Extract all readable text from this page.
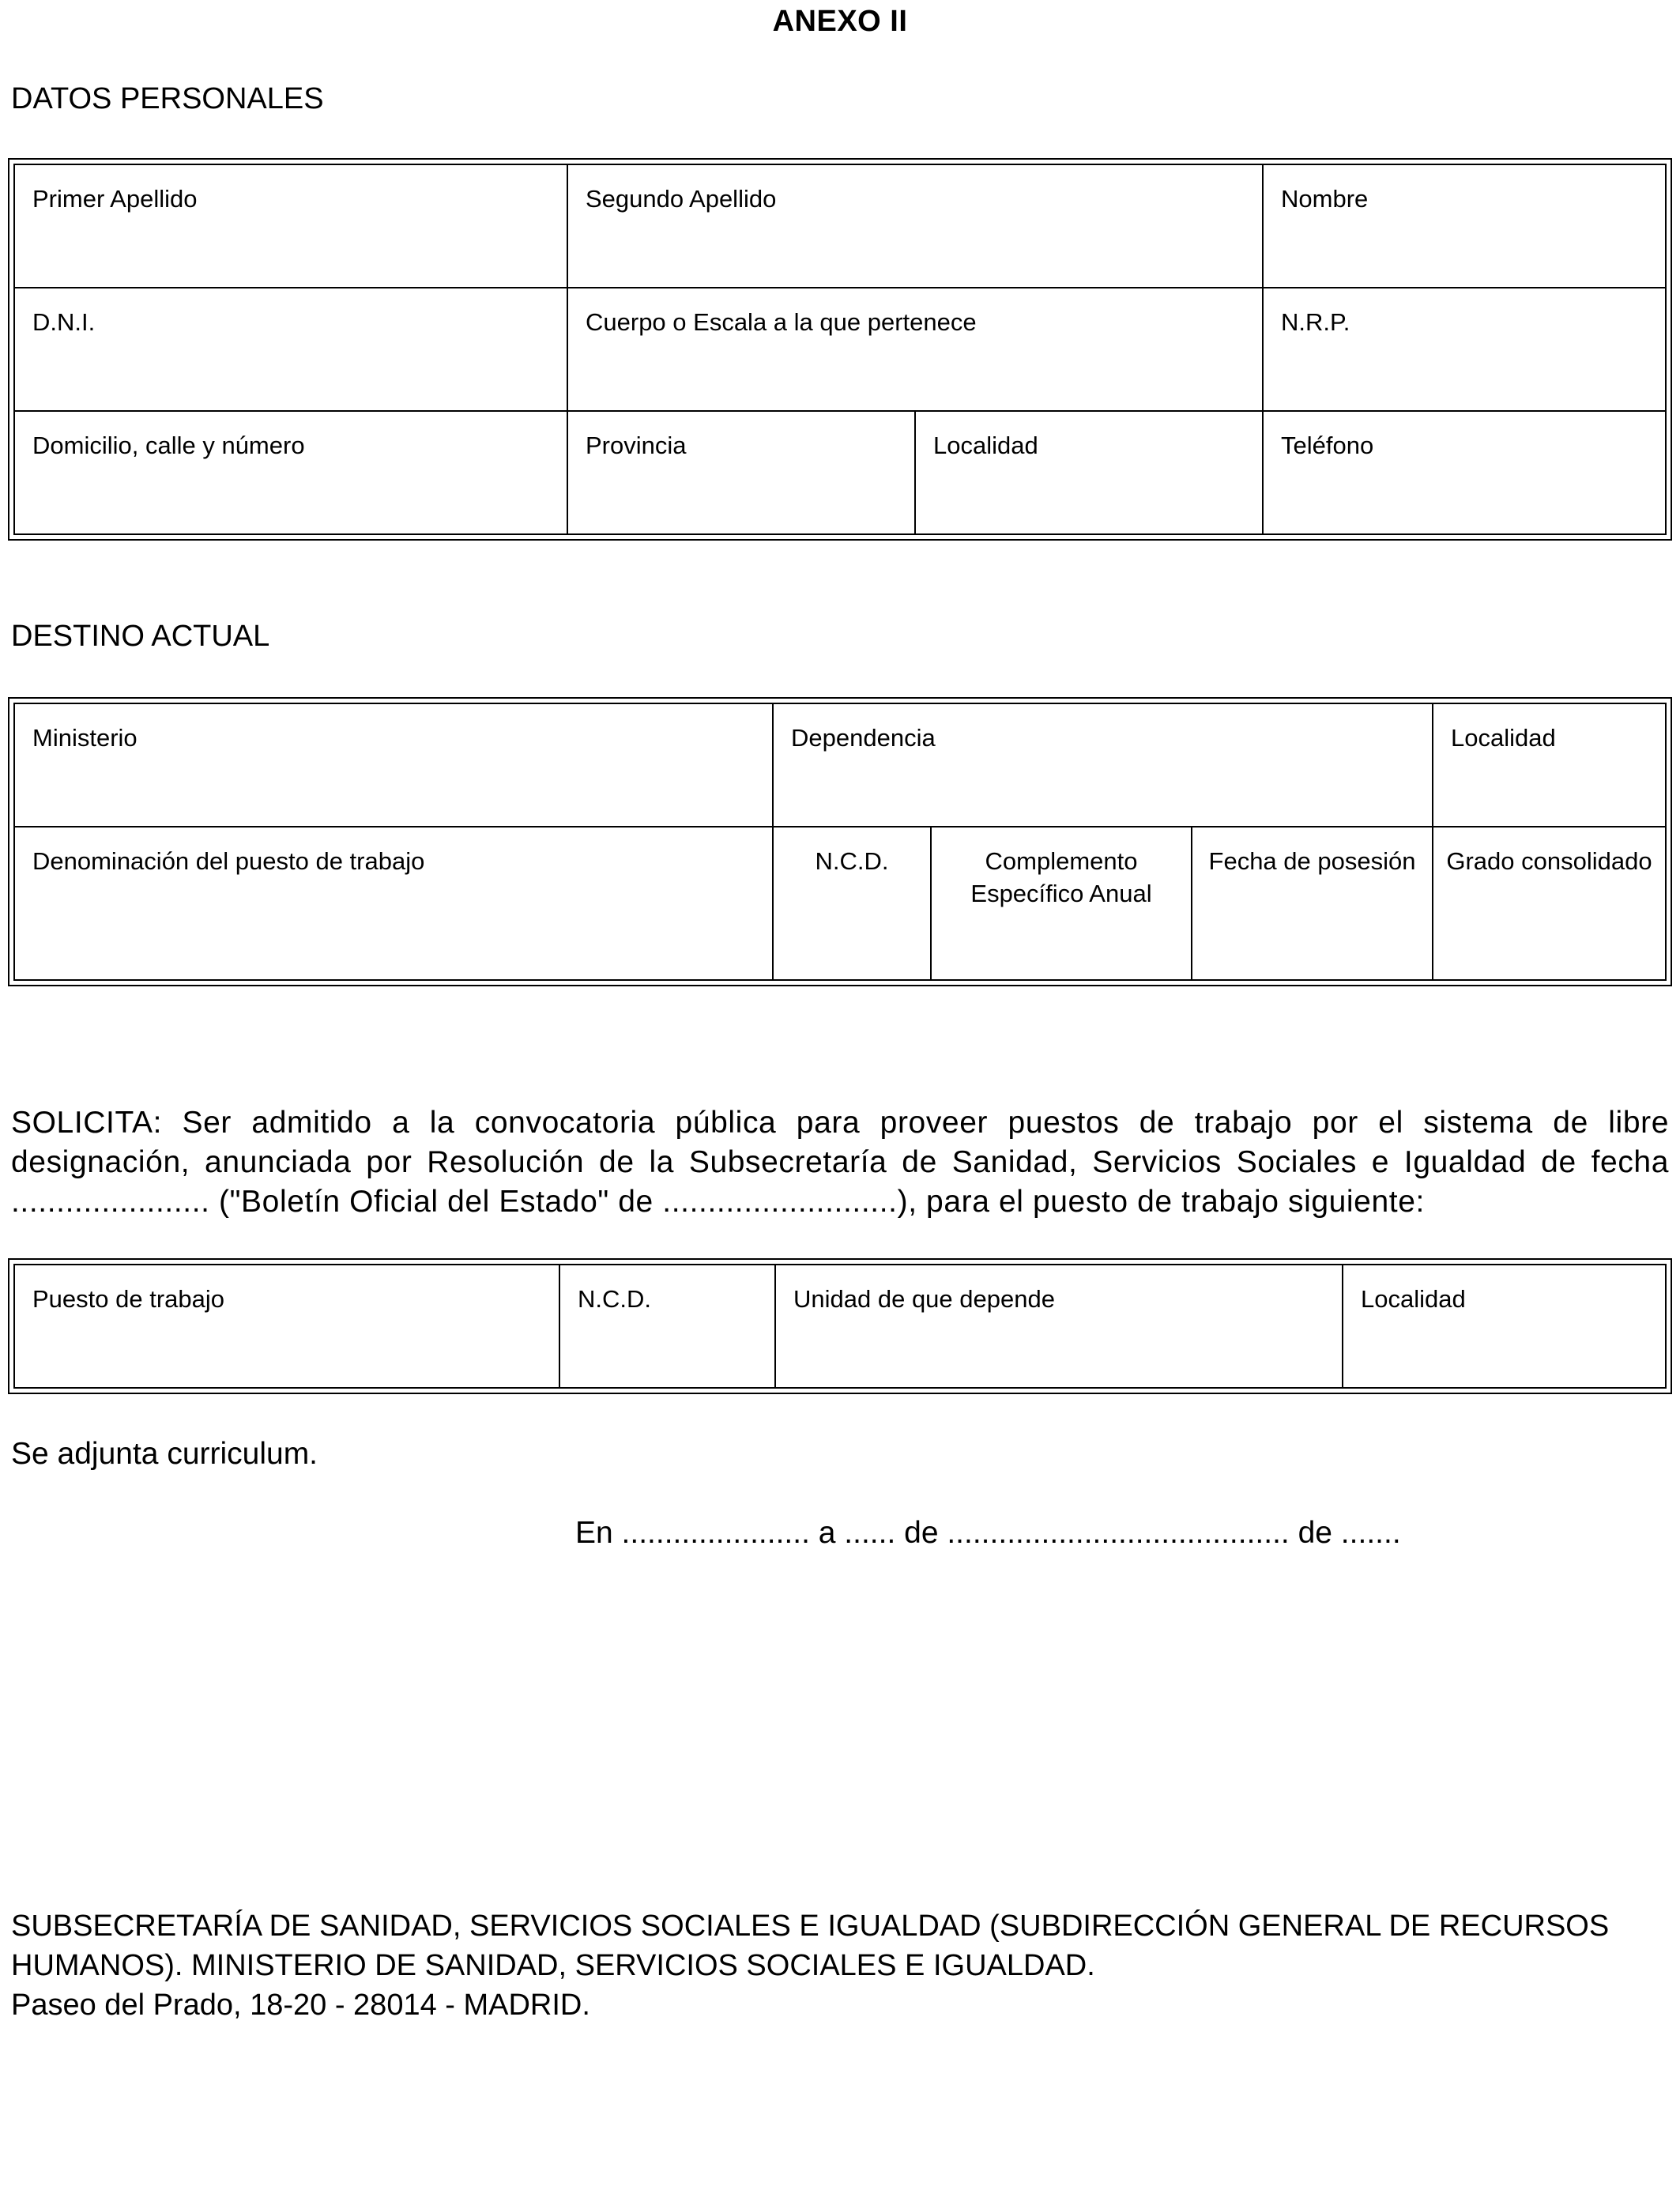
ANEXO II
DATOS PERSONALES
Primer Apellido	Segundo Apellido		Nombre
D.N.I.	Cuerpo o Escala a la que pertenece		N.R.P.
Domicilio, calle y número	Provincia	Localidad	Teléfono
DESTINO ACTUAL
Ministerio	Dependencia			Localidad
Denominación del puesto de trabajo	N.C.D.	Complemento Específico Anual	Fecha de posesión	Grado consolidado
SOLICITA: Ser admitido a la convocatoria pública para proveer puestos de trabajo por el sistema de libre designación, anunciada por Resolución de la Subsecretaría de Sanidad, Servicios Sociales e Igualdad de fecha ...................... ("Boletín Oficial del Estado" de ..........................), para el puesto de trabajo siguiente:
Puesto de trabajo	N.C.D.	Unidad de que depende	Localidad
Se adjunta curriculum.
En ...................... a ...... de ........................................ de .......
SUBSECRETARÍA DE SANIDAD, SERVICIOS SOCIALES E IGUALDAD (SUBDIRECCIÓN GENERAL DE RECURSOS HUMANOS). MINISTERIO DE SANIDAD, SERVICIOS SOCIALES E IGUALDAD.
Paseo del Prado, 18-20 - 28014 - MADRID.
